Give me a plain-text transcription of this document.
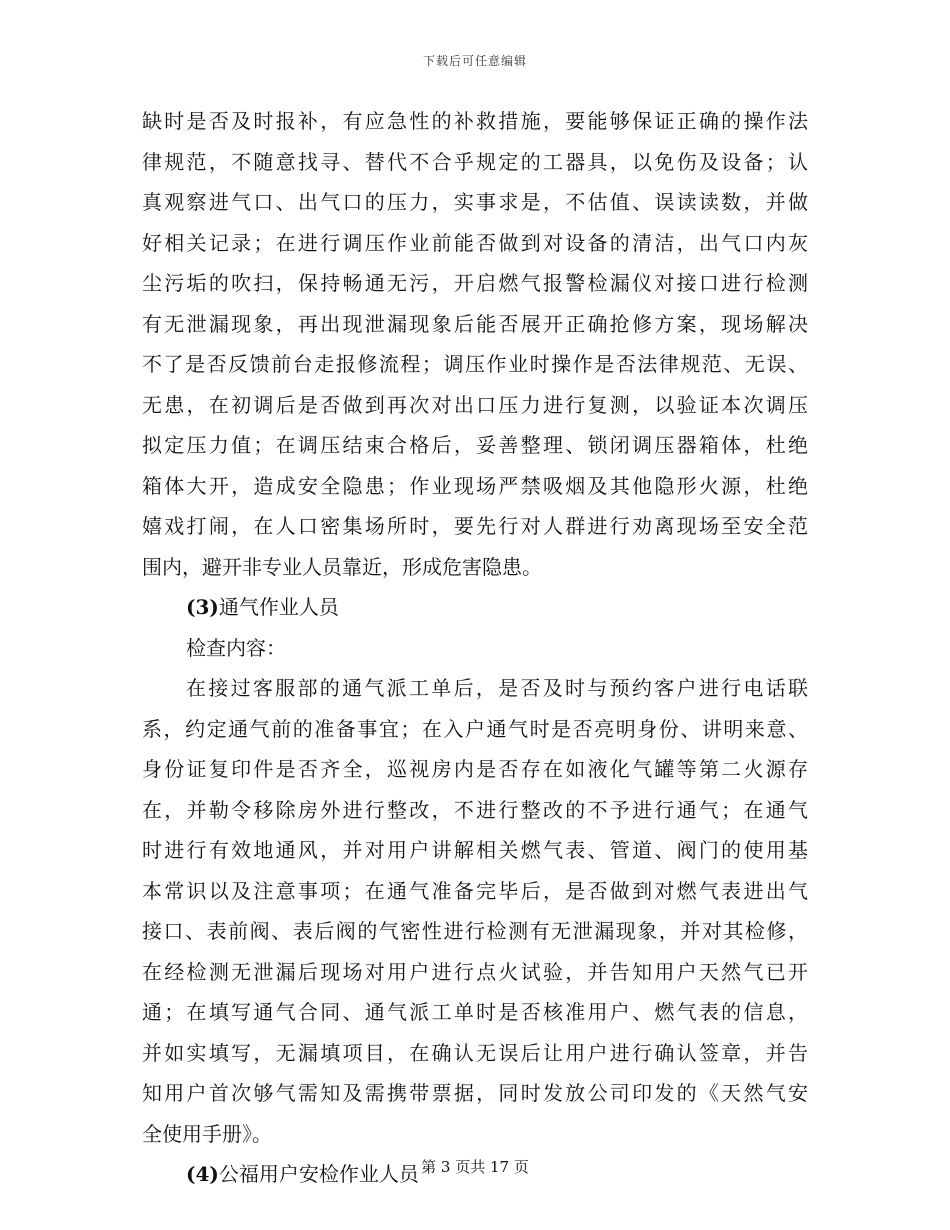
下载后可任意编辑
缺时是否及时报补，有应急性的补救措施，要能够保证正确的操作法
律规范，不随意找寻、替代不合乎规定的工器具，以免伤及设备；认
真观察进气口、出气口的压力，实事求是，不估值、误读读数，并做
好相关记录；在进行调压作业前能否做到对设备的清洁，出气口内灰
尘污垢的吹扫，保持畅通无污，开启燃气报警检漏仪对接口进行检测
有无泄漏现象，再出现泄漏现象后能否展开正确抢修方案，现场解决
不了是否反馈前台走报修流程；调压作业时操作是否法律规范、无误、
无患，在初调后是否做到再次对出口压力进行复测，以验证本次调压
拟定压力值；在调压结束合格后，妥善整理、锁闭调压器箱体，杜绝
箱体大开，造成安全隐患；作业现场严禁吸烟及其他隐形火源，杜绝
嬉戏打闹，在人口密集场所时，要先行对人群进行劝离现场至安全范
围内，避开非专业人员靠近，形成危害隐患。
(3)通气作业人员
检查内容：
在接过客服部的通气派工单后，是否及时与预约客户进行电话联
系，约定通气前的准备事宜；在入户通气时是否亮明身份、讲明来意、
身份证复印件是否齐全，巡视房内是否存在如液化气罐等第二火源存
在，并勒令移除房外进行整改，不进行整改的不予进行通气；在通气
时进行有效地通风，并对用户讲解相关燃气表、管道、阀门的使用基
本常识以及注意事项；在通气准备完毕后，是否做到对燃气表进出气
接口、表前阀、表后阀的气密性进行检测有无泄漏现象，并对其检修，
在经检测无泄漏后现场对用户进行点火试验，并告知用户天然气已开
通；在填写通气合同、通气派工单时是否核准用户、燃气表的信息，
并如实填写，无漏填项目，在确认无误后让用户进行确认签章，并告
知用户首次够气需知及需携带票据，同时发放公司印发的《天然气安
全使用手册》。
(4)公福用户安检作业人员 第 3 页共 17 页
